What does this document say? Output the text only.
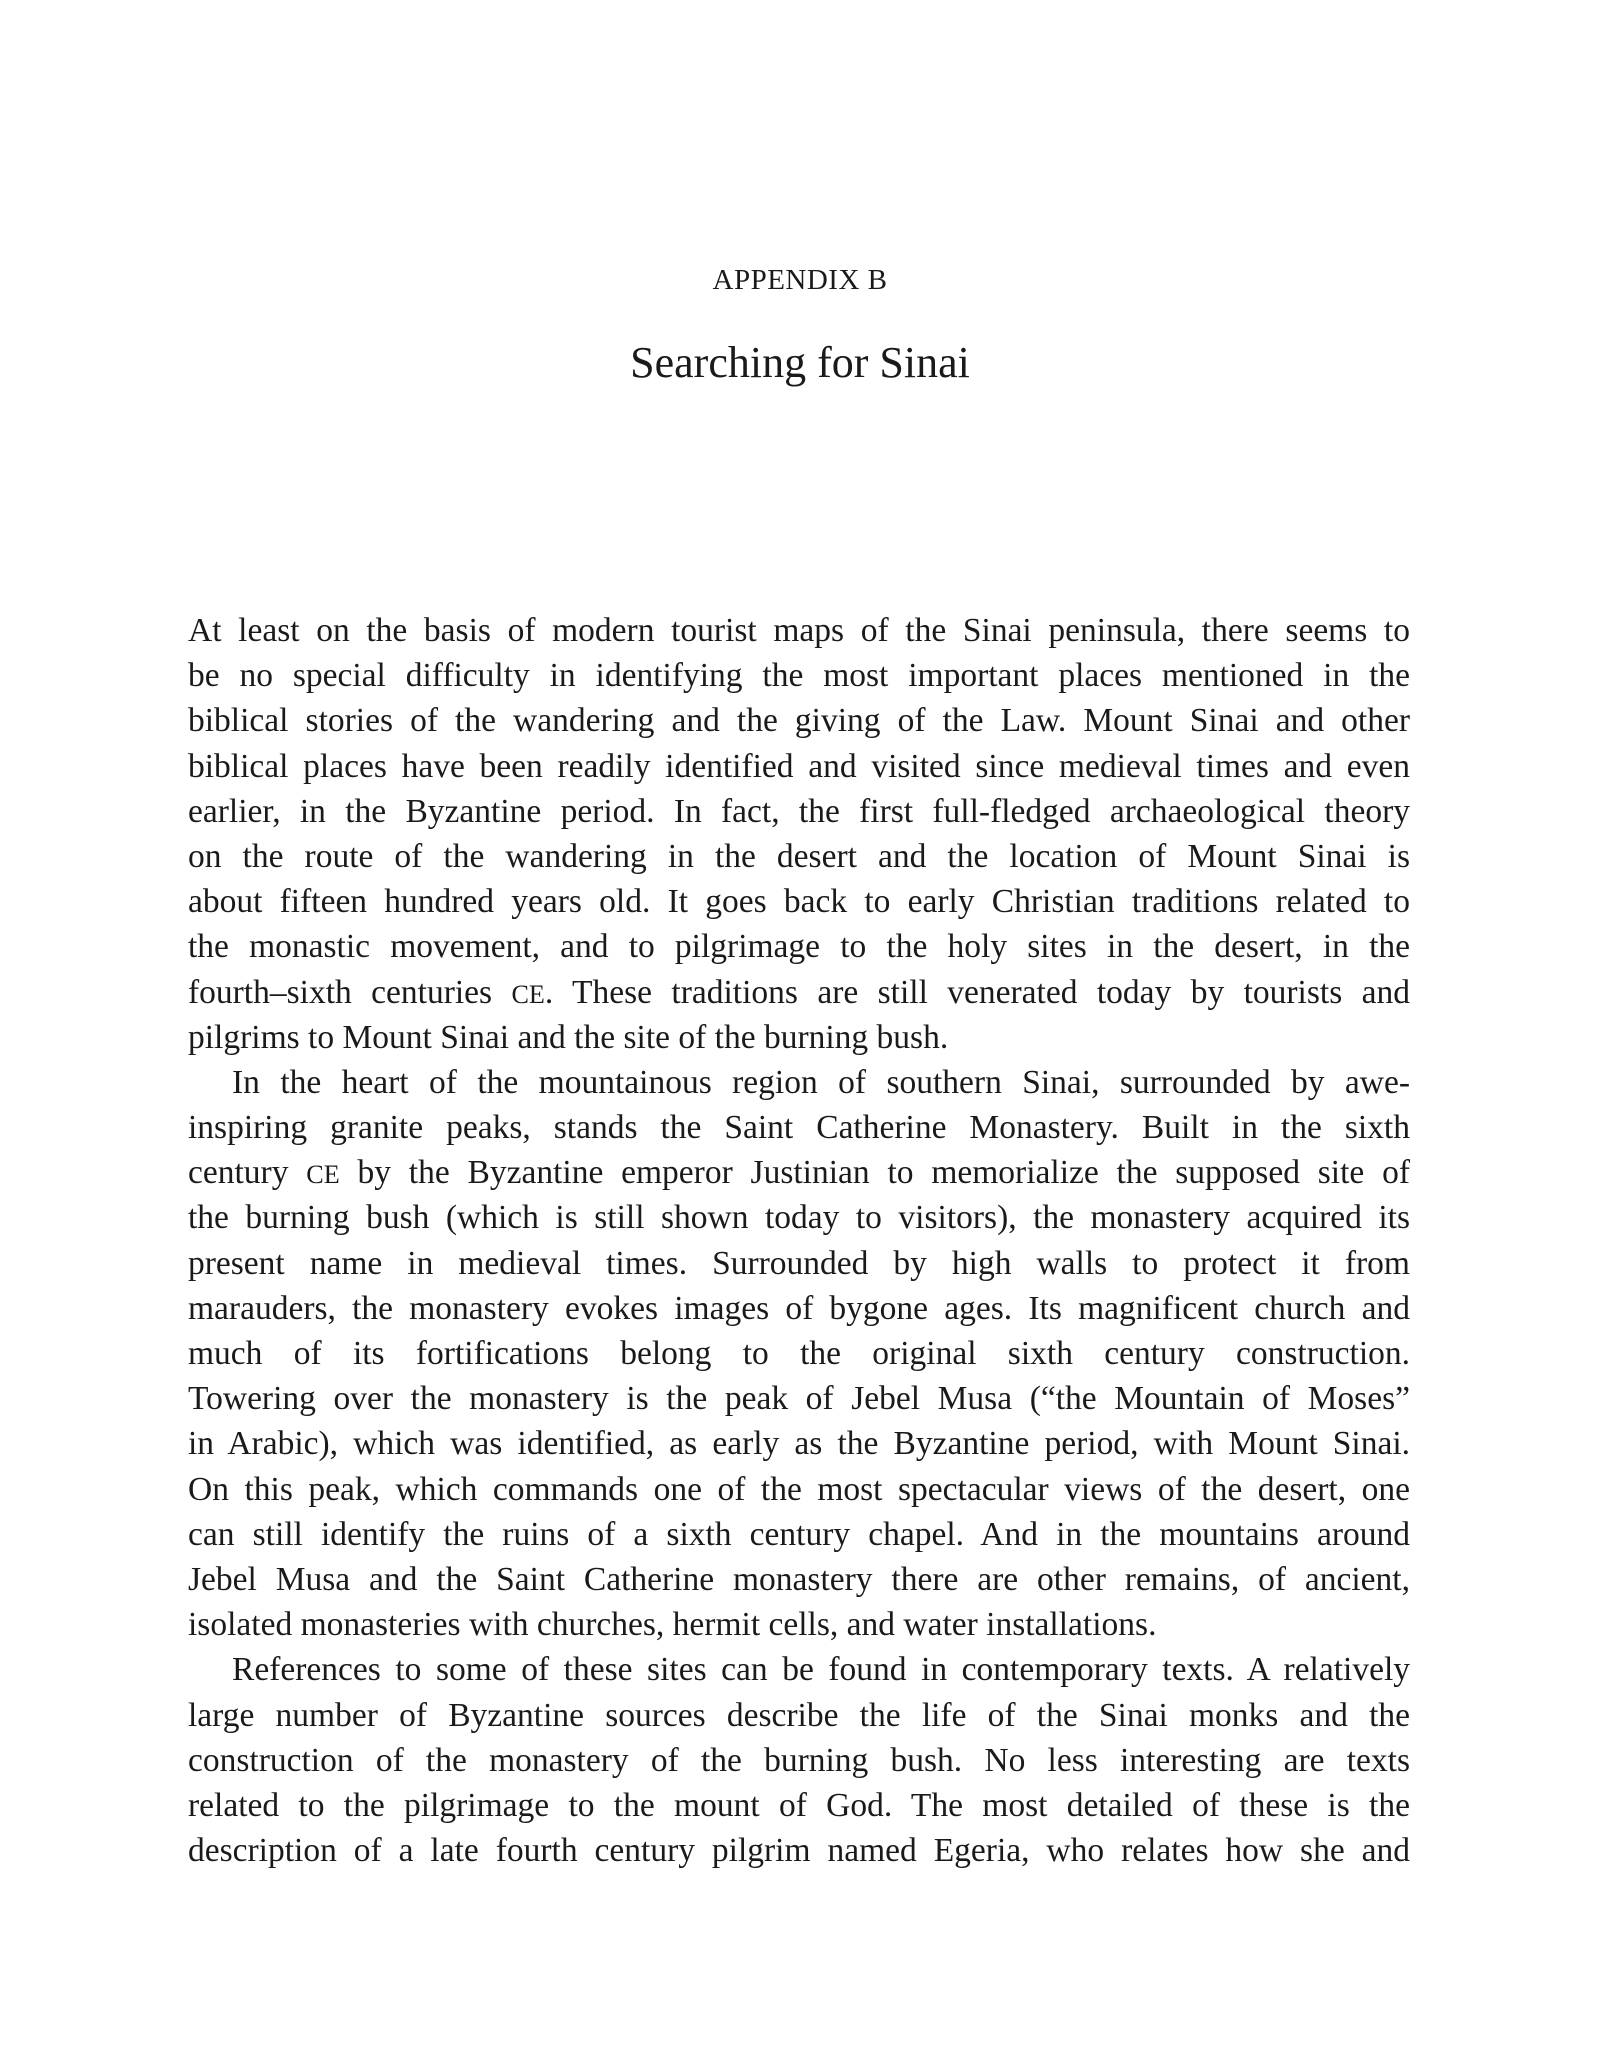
APPENDIX B
Searching for Sinai
At least on the basis of modern tourist maps of the Sinai peninsula, there seems to
be no special difficulty in identifying the most important places mentioned in the
biblical stories of the wandering and the giving of the Law. Mount Sinai and other
biblical places have been readily identified and visited since medieval times and even
earlier, in the Byzantine period. In fact, the first full-fledged archaeological theory
on the route of the wandering in the desert and the location of Mount Sinai is
about fifteen hundred years old. It goes back to early Christian traditions related to
the monastic movement, and to pilgrimage to the holy sites in the desert, in the
fourth–sixth centuries CE. These traditions are still venerated today by tourists and
pilgrims to Mount Sinai and the site of the burning bush.
In the heart of the mountainous region of southern Sinai, surrounded by awe-
inspiring granite peaks, stands the Saint Catherine Monastery. Built in the sixth
century CE by the Byzantine emperor Justinian to memorialize the supposed site of
the burning bush (which is still shown today to visitors), the monastery acquired its
present name in medieval times. Surrounded by high walls to protect it from
marauders, the monastery evokes images of bygone ages. Its magnificent church and
much of its fortifications belong to the original sixth century construction.
Towering over the monastery is the peak of Jebel Musa (“the Mountain of Moses”
in Arabic), which was identified, as early as the Byzantine period, with Mount Sinai.
On this peak, which commands one of the most spectacular views of the desert, one
can still identify the ruins of a sixth century chapel. And in the mountains around
Jebel Musa and the Saint Catherine monastery there are other remains, of ancient,
isolated monasteries with churches, hermit cells, and water installations.
References to some of these sites can be found in contemporary texts. A relatively
large number of Byzantine sources describe the life of the Sinai monks and the
construction of the monastery of the burning bush. No less interesting are texts
related to the pilgrimage to the mount of God. The most detailed of these is the
description of a late fourth century pilgrim named Egeria, who relates how she and
